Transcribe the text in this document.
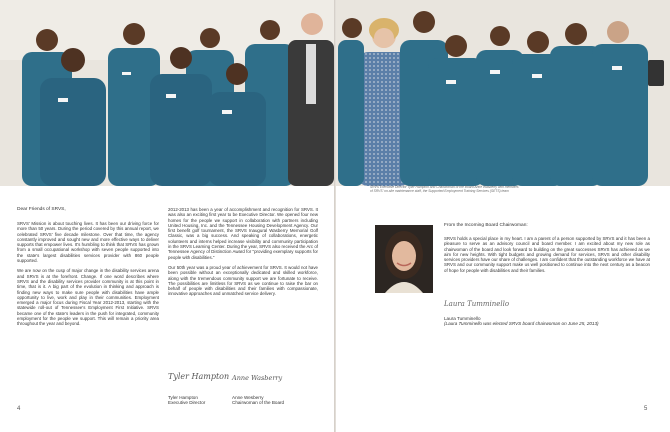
SRVS Executive Director Tyler Hampton and Chairwoman of the Board Anne Wasberry with members of SRVS' on-site maintenance staff, the Supported Employment Training Services (SETS) team
Dear Friends of SRVS,

SRVS' Mission is about touching lives. It has been our driving force for more than 50 years. During the period covered by this annual report, we celebrated SRVS' five decade milestone. Over that time, the agency constantly improved and sought new and more effective ways to deliver supports that empower lives. It's humbling to think that SRVS has grown from a small occupational workshop with seven people supported into the state's largest disabilities services provider with 860 people supported.

We are now on the cusp of major change in the disability services arena and SRVS is at the forefront. Change. If one word describes where SRVS and the disability services provider community is at this point in time, that is it. A big part of the evolution in thinking and approach is finding new ways to make sure people with disabilities have ample opportunity to live, work and play in their communities. Employment emerged a major focus during Fiscal Year 2012-2013, starting with the statewide roll-out of Tennessee's Employment First Initiative. SRVS became one of the state's leaders in the push for integrated, community employment for the people we support. This will remain a priority area throughout the year and beyond.

2012-2013 has been a year of accomplishment and recognition for SRVS. It was also an exciting first year to be Executive Director. We opened four new homes for the people we support in collaboration with partners including United Housing, Inc. and the Tennessee Housing Development Agency. Our first benefit golf tournament, the SRVS Inaugural Wasberry Memorial Golf Classic, was a big success. And speaking of collaborations, energetic volunteers and interns helped increase visibility and community participation in the SRVS Learning Center. During the year, SRVS also received the Arc of Tennessee Agency of Distinction Award for "providing exemplary supports for people with disabilities."

Our 50th year was a proud year of achievement for SRVS. It would not have been possible without an exceptionally dedicated and skilled workforce, along with the tremendous community support we are fortunate to receive. The possibilities are limitless for SRVS as we continue to raise the bar on behalf of people with disabilities and their families with compassionate, innovative approaches and unmatched service delivery.

Tyler Hampton Anne Wasberry
Tyler Hampton
Executive Director
Anne Wesberry
Chairwoman of the Board
4
From the Incoming Board Chairwoman:
SRVS holds a special place in my heart. I am a parent of a person supported by SRVS and it has been a pleasure to serve as an advisory council and board member. I am excited about my new role as chairwoman of the board and look forward to building on the great successes SRVS has achieved as we aim for new heights. With tight budgets and growing demand for services, SRVS and other disability services providers have our share of challenges. I am confident that the outstanding workforce we have at SRVS and our community support make us well positioned to continue into the next century as a beacon of hope for people with disabilities and their families.
Laura Tumminello
Laura Tumminello
(Laura Tumminello was elected SRVS board chairwoman on June 25, 2013)
5
